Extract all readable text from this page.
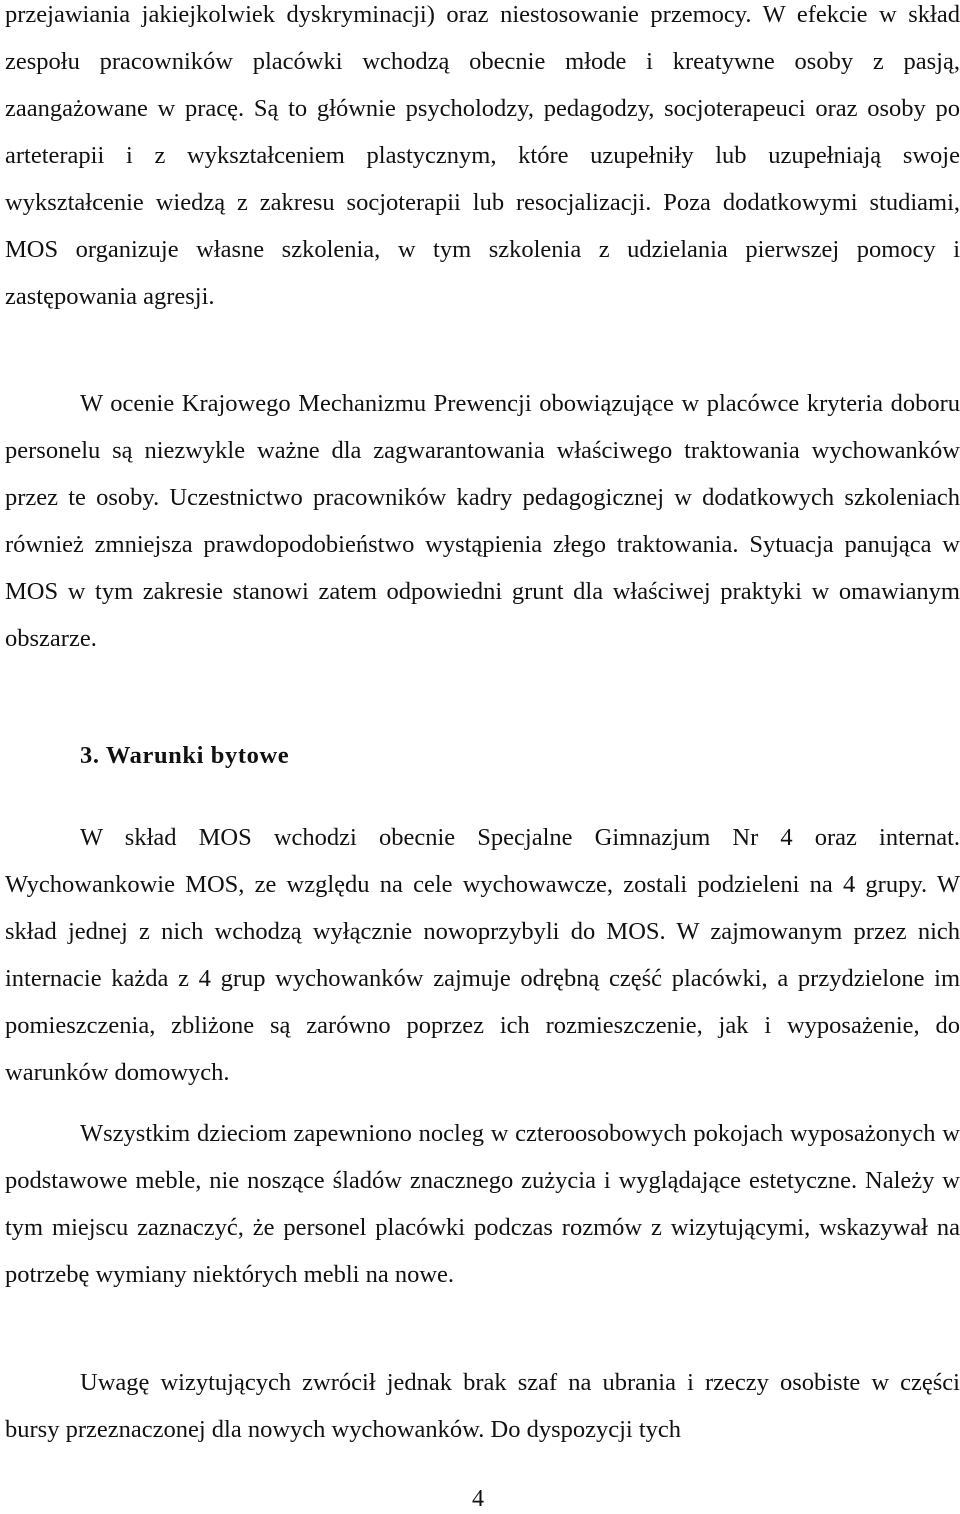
przejawiania jakiejkolwiek dyskryminacji) oraz niestosowanie przemocy. W efekcie w skład zespołu pracowników placówki wchodzą obecnie młode i kreatywne osoby z pasją, zaangażowane w pracę. Są to głównie psycholodzy, pedagodzy, socjoterapeuci oraz osoby po arteterapii i z wykształceniem plastycznym, które uzupełniły lub uzupełniają swoje wykształcenie wiedzą z zakresu socjoterapii lub resocjalizacji. Poza dodatkowymi studiami, MOS organizuje własne szkolenia, w tym szkolenia z udzielania pierwszej pomocy i zastępowania agresji.

W ocenie Krajowego Mechanizmu Prewencji obowiązujące w placówce kryteria doboru personelu są niezwykle ważne dla zagwarantowania właściwego traktowania wychowanków przez te osoby. Uczestnictwo pracowników kadry pedagogicznej w dodatkowych szkoleniach również zmniejsza prawdopodobieństwo wystąpienia złego traktowania. Sytuacja panująca w MOS w tym zakresie stanowi zatem odpowiedni grunt dla właściwej praktyki w omawianym obszarze.

3. Warunki bytowe

W skład MOS wchodzi obecnie Specjalne Gimnazjum Nr 4 oraz internat. Wychowankowie MOS, ze względu na cele wychowawcze, zostali podzieleni na 4 grupy. W skład jednej z nich wchodzą wyłącznie nowoprzybyli do MOS. W zajmowanym przez nich internacie każda z 4 grup wychowanków zajmuje odrębną część placówki, a przydzielone im pomieszczenia, zbliżone są zarówno poprzez ich rozmieszczenie, jak i wyposażenie, do warunków domowych.

Wszystkim dzieciom zapewniono nocleg w czteroosobowych pokojach wyposażonych w podstawowe meble, nie noszące śladów znacznego zużycia i wyglądające estetyczne. Należy w tym miejscu zaznaczyć, że personel placówki podczas rozmów z wizytującymi, wskazywał na potrzebę wymiany niektórych mebli na nowe.

Uwagę wizytujących zwrócił jednak brak szaf na ubrania i rzeczy osobiste w części bursy przeznaczonej dla nowych wychowanków. Do dyspozycji tych

4
